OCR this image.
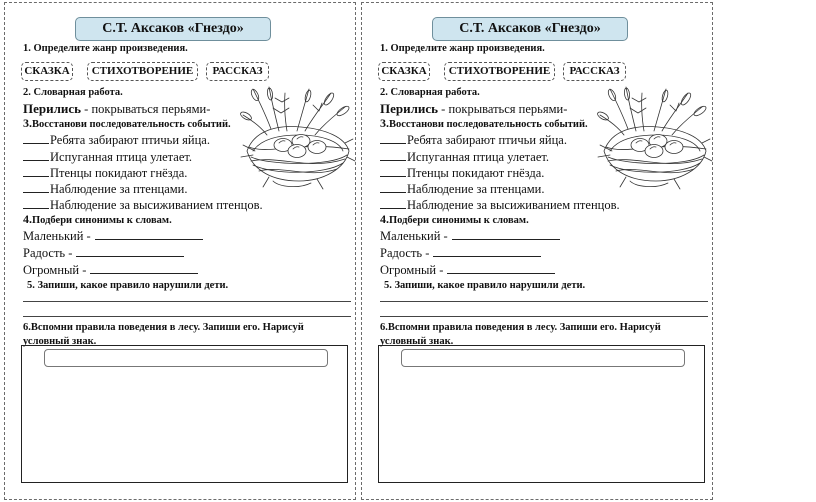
С.Т. Аксаков «Гнездо»
1. Определите жанр произведения.
СКАЗКА	СТИХОТВОРЕНИЕ	РАССКАЗ
2. Словарная работа.
Перились - покрываться перьями-
3.Восстанови последовательность событий.
Ребята забирают птичьи яйца.
Испуганная птица улетает.
Птенцы покидают гнёзда.
Наблюдение за птенцами.
Наблюдение за высиживанием птенцов.
4.Подбери синонимы к словам.
Маленький -
Радость -
Огромный -
5. Запиши, какое правило нарушили дети.
6.Вспомни правила поведения в лесу. Запиши его. Нарисуй
условный знак.
С.Т. Аксаков «Гнездо»
1. Определите жанр произведения.
СКАЗКА	СТИХОТВОРЕНИЕ	РАССКАЗ
2. Словарная работа.
Перились - покрываться перьями-
3.Восстанови последовательность событий.
Ребята забирают птичьи яйца.
Испуганная птица улетает.
Птенцы покидают гнёзда.
Наблюдение за птенцами.
Наблюдение за высиживанием птенцов.
4.Подбери синонимы к словам.
Маленький -
Радость -
Огромный -
5. Запиши, какое правило нарушили дети.
6.Вспомни правила поведения в лесу. Запиши его. Нарисуй
условный знак.
